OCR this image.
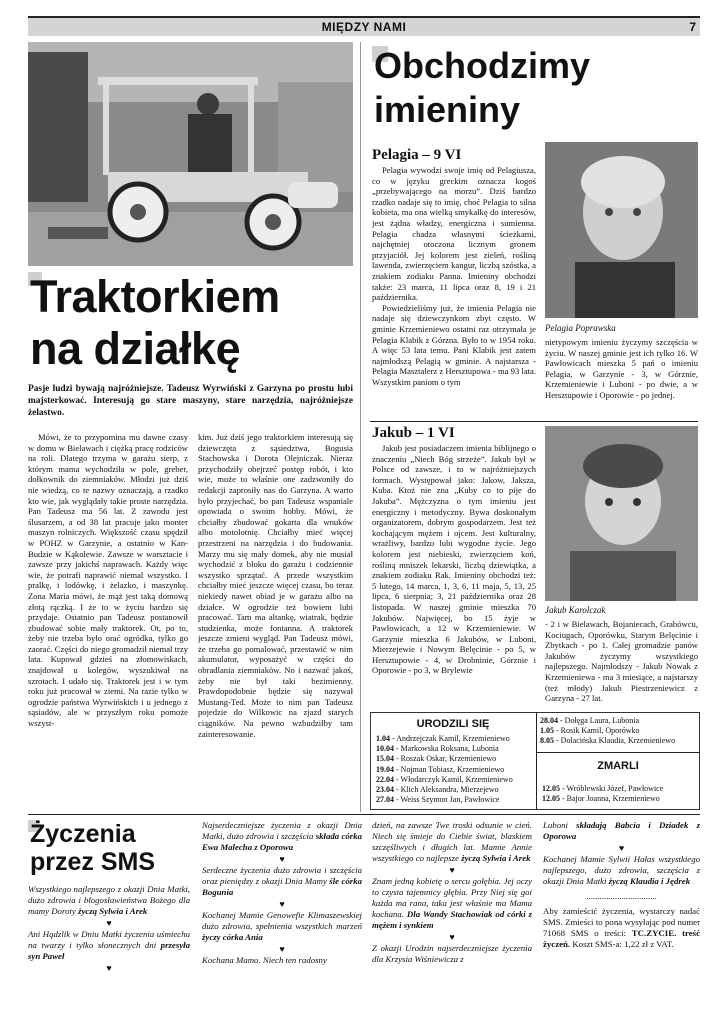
MIĘDZY NAMI	7
Traktorkiem
na działkę
Pasje ludzi bywają najróżniejsze. Tadeusz Wyrwiński z Garzyna po prostu lubi majsterkować. Interesują go stare maszyny, stare narzędzia, najróżniejsze żelastwo.

Mówi, że to przypomina mu dawne czasy w domu w Bielawach i ciężką pracę rodziców na roli. Dlatego trzyma w garażu sierp, z którym mama wychodziła w pole, greber, dołkownik do ziemniaków. Młodzi już dziś nie wiedzą, co te nazwy oznaczają, a rzadko kto wie, jak wyglądały takie proste narzędzia. Pan Tadeusz ma 56 lat. Z zawodu jest ślusarzem, a od 38 lat pracuje jako monter maszyn rolniczych. Większość czasu spędził w POHZ w Garzynie, a ostatnio w Kan-Budzie w Kąkolewie. Zawsze w warsztacie i zawsze przy jakichś naprawach. Każdy więc wie, że potrafi naprawić niemal wszystko. I pralkę, i lodówkę, i żelazko, i maszynkę. Zona Maria mówi, że mąż jest taką domową złotą rączką. I że to w życiu bardzo się przydaje. Ostatnio pan Tadeusz postanowił zbudować sobie mały traktorek. Ot, po to, żeby nie trzeba było orać ogródka, tylko go zaorać. Części do niego gromadził niemal trzy lata. Kupował gdzieś na złomowiskach, znajdował u kolegów, wyszukiwał na szrotach. I udało się. Traktorek jest i w tym roku już pracował w ziemi. Na razie tylko w ogrodzie państwa Wyrwińskich i u jednego z sąsiadów, ale w przyszłym roku pomoże wszyst-

kim. Już dziś jego traktorkiem interesują się dziewczęta z sąsiedztwa, Bogusia Stachowska i Dorota Olejniczak. Nieraz przychodziły obejrzeć postęp robót, i kto wie, może to właśnie one zadzwoniły do redakcji zaprosiły nas do Garzyna. A warto było przyjechać, bo pan Tadeusz wspaniale opowiada o swoim hobby. Mówi, że chciałby zbudować gokarta dla wnuków albo motolotnię. Chciałby mieć więcej przestrzeni na narzędzia i do budowania. Marzy mu się mały domek, aby nie musiał wychodzić z bloku do garażu i codziennie wszystko sprzątać. A przede wszystkim chciałby mieć jeszcze więcej czasu, bo teraz niekiedy nawet obiad je w garażu albo na działce. W ogrodzie też bowiem lubi pracować. Tam ma altankę, wiatrak, będzie studzienka, może fontanna. A traktorek jeszcze zmieni wygląd. Pan Tadeusz mówi, że trzeba go pomalować, przestawić w nim akumulator, wyposażyć w części do obradlania ziemniaków. No i nazwać jakoś, żeby nie był taki bezimienny. Prawdopodobnie będzie się nazywał Mustang-Ted. Może to nim pan Tadeusz pojedzie do Wilkowic na zjazd starych ciągników. Na pewno wzbudziłby tam zainteresowanie.

Obchodzimy
imieniny
Pelagia – 9 VI

Pelagia wywodzi swoje imię od Pelagiusza, co w języku greckim oznacza kogoś „przebywającego na morzu”. Dziś bardzo rzadko nadaje się to imię, choć Pelagia to silna kobieta, ma ona wielką smykałkę do interesów, jest żądna władzy, energiczna i sumienna. Pelagia chadza własnymi ścieżkami, najchętniej otoczona licznym gronem przyjaciół. Jej kolorem jest zieleń, rośliną lawenda, zwierzęciem kangur, liczbą szóstka, a znakiem zodiaku Panna. Imieniny obchodzi także: 23 marca, 11 lipca oraz 8, 19 i 21 października.

Powiedzieliśmy już, że imienia Pelagia nie nadaje się dziewczynkom zbyt często. W gminie Krzemieniewo ostatni raz otrzymała je Pelagia Klabik z Górzna. Było to w 1954 roku. A więc 53 lata temu. Pani Klabik jest zatem najmłodszą Pelagią w gminie. A najstarsza - Pelagia Masztalerz z Hersztupowa - ma 93 lata. Wszystkim paniom o tym

Pelagia Poprawska
nietypowym imieniu życzymy szczęścia w życiu. W naszej gminie jest ich tylko 16. W Pawłowicach mieszka 5 pań o imieniu Pelagia, w Garzynie - 3, w Górznie, Krzemieniewie i Luboni - po dwie, a w Hersztupowie i Oporowie - po jednej.
Jakub – 1 VI

Jakub jest posiadaczem imienia biblijnego o znaczeniu „Niech Bóg strzeże”. Jakub był w Polsce od zawsze, i to w najróżniejszych formach. Występował jako: Jakow, Jaksza, Kuba. Ktoż nie zna „Kuby co to pije do Jakuba”. Mężczyzna o tym imieniu jest energiczny i metodyczny. Bywa doskonałym organizatorem, dobrym gospodarzem. Jest też kochającym mężem i ojcem. Jest kulturalny, wrażliwy, bardzo lubi wygodne życie. Jego kolorem jest niebieski, zwierzęciem koń, rośliną mniszek lekarski, liczbą dziewiątka, a znakiem zodiaku Rak. Imieniny obchodzi też: 5 lutego, 14 marca, 1, 3, 6, 11 maja, 5, 13, 25 lipca, 6 sierpnia; 3, 21 października oraz 28 listopada. W naszej gminie mieszka 70 Jakubów. Najwięcej, bo 15 żyje w Pawłowicach, a 12 w Krzemieniewie. W Garzynie mieszka 6 Jakubów, w Luboni, Mierzejewie i Nowym Belęcinie - po 5, w Hersztupowie - 4, w Drobninie, Górznie i Oporowie - po 3, w Brylewie

Jakub Karolczak
- 2 i w Bielawach, Bojaniecach, Grabówcu, Kociugach, Oporówku, Starym Belęcinie i Zbytkach - po 1. Całej gromadzie panów Jakubów życzymy wszystkiego najlepszego. Najmłodszy - Jakub Nowak z Krzemieniewa - ma 3 miesiące, a najstarszy (też młody) Jakub Piestrzeniewicz z Garzyna - 27 lat.
URODZILI SIĘ
1.04 - Andrzejczak Kamil, Krzemieniewo
10.04 - Markowska Roksana, Lubonia
15.04 - Roszak Oskar, Krzemieniewo
19.04 - Nojman Tobiasz, Krzemieniewo
22.04 - Włodarczyk Kamil, Krzemieniewo
23.04 - Klich Aleksandra, Mierzejewo
27.04 - Weiss Szymon Jan, Pawłowice
28.04 - Dołęga Laura, Lubonia
1.05 - Rosik Kamil, Oporówko
8.05 - Dolacińska Klaudia, Krzemieniewo
ZMARLI
12.05 - Wróblewski Józef, Pawłowice
12.05 - Bajor Joanna, Krzemieniewo
Życzenia
przez SMS
Wszystkiego najlepszego z okazji Dnia Matki, dużo zdrowia i błogosławieństwa Bożego dla mamy Doroty życzą Sylwia i Arek
♥
Ani Hądzlik w Dniu Matki życzenia uśmiechu na twarzy i tylko słonecznych dni przesyła syn Paweł
♥
Najserdeczniejsze życzenia z okazji Dnia Matki, dużo zdrowia i szczęścia składa córka Ewa Malecha z Oporowa
♥
Serdeczne życzenia dużo zdrowia i szczęścia oraz pieniędzy z okazji Dnia Mamy śle córka Bogunia
♥
Kochanej Mamie Genowefie Klimaszewskiej dużo zdrowia, spełnienia wszystkich marzeń życzy córka Ania
♥
Kochana Mamo. Niech ten radosny
dzień, na zawsze Twe troski odsunie w cień. Niech się śmieje do Ciebie świat, blaskiem szczęśliwych i długich lat. Mamie Annie wszystkiego co najlepsze życzą Sylwia i Arek
♥
Znam jedną kobietę o sercu gołębia. Jej oczy to czysta tajemnicy głębia. Przy Niej się goi każda ma rana, taka jest właśnie ma Mama kochana. Dla Wandy Stachowiak od córki z mężem i synkiem
♥
Z okazji Urodzin najserdeczniejsze życzenia dla Krzysia Wiśniewicza z
Luboni składają Babcia i Dziadek z Oporowa
♥
Kochanej Mamie Sylwii Hałas wszystkiego najlepszego, dużo zdrowia, szczęścia z okazji Dnia Matki życzą Klaudia i Jędrek
................................
Aby zamieścić życzenia, wystarczy nadać SMS. Zmieści to pona wysyłając pod numer 71068 SMS o treści: TC.ZYCIE. treść życzeń. Koszt SMS-a: 1,22 zł z VAT.
